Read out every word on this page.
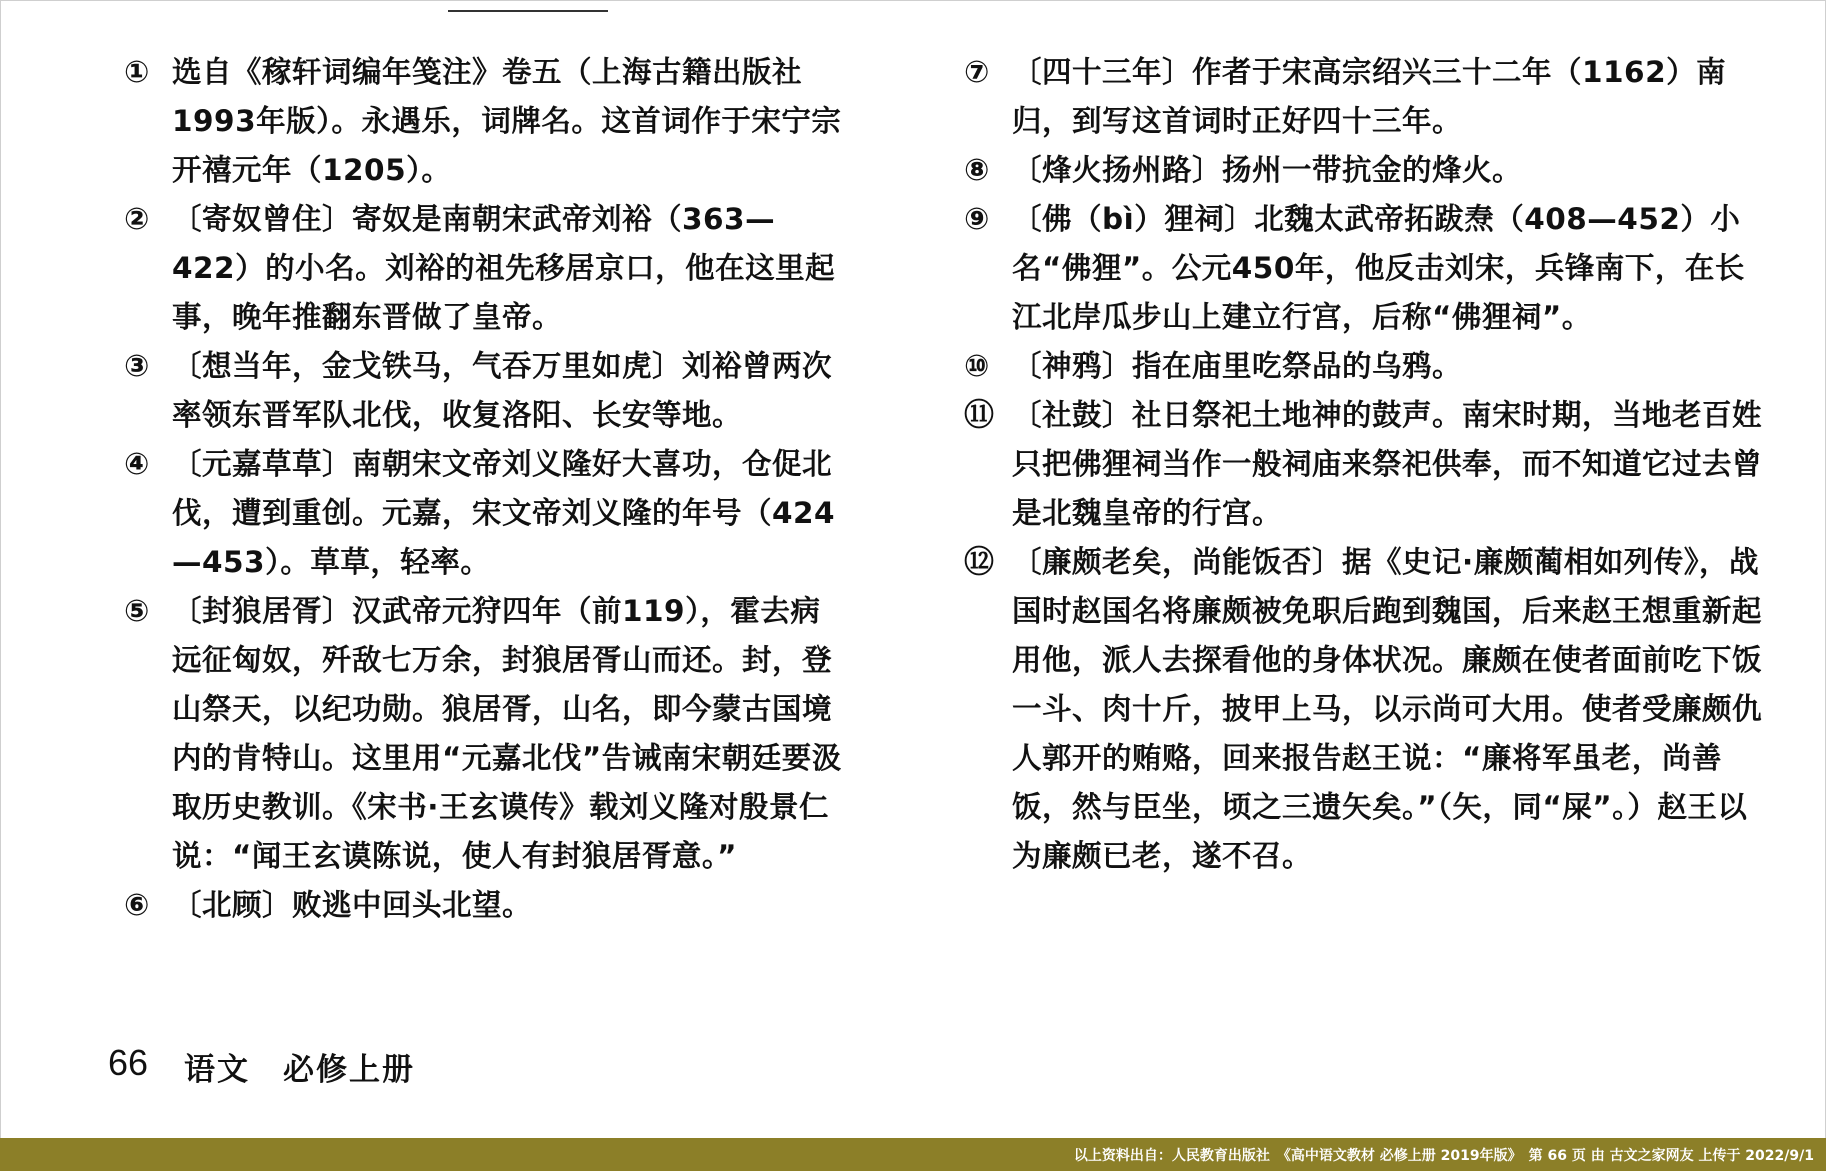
① 选自《稼轩词编年笺注》卷五（上海古籍出版社1993年版）。永遇乐，词牌名。这首词作于宋宁宗开禧元年（1205）。
② 〔寄奴曾住〕寄奴是南朝宋武帝刘裕（363—422）的小名。刘裕的祖先移居京口，他在这里起事，晚年推翻东晋做了皇帝。
③ 〔想当年，金戈铁马，气吞万里如虎〕刘裕曾两次率领东晋军队北伐，收复洛阳、长安等地。
④ 〔元嘉草草〕南朝宋文帝刘义隆好大喜功，仓促北伐，遭到重创。元嘉，宋文帝刘义隆的年号（424—453）。草草，轻率。
⑤ 〔封狼居胥〕汉武帝元狩四年（前119），霍去病远征匈奴，歼敌七万余，封狼居胥山而还。封，登山祭天，以纪功勋。狼居胥，山名，即今蒙古国境内的肯特山。这里用“元嘉北伐”告诫南宋朝廷要汲取历史教训。《宋书·王玄谟传》载刘义隆对殷景仁说：“闻王玄谟陈说，使人有封狼居胥意。”
⑥ 〔北顾〕败逃中回头北望。
⑦ 〔四十三年〕作者于宋高宗绍兴三十二年（1162）南归，到写这首词时正好四十三年。
⑧ 〔烽火扬州路〕扬州一带抗金的烽火。
⑨ 〔佛（bì）狸祠〕北魏太武帝拓跋焘（408—452）小名“佛狸”。公元450年，他反击刘宋，兵锋南下，在长江北岸瓜步山上建立行宫，后称“佛狸祠”。
⑩ 〔神鸦〕指在庙里吃祭品的乌鸦。
⑪ 〔社鼓〕社日祭祀土地神的鼓声。南宋时期，当地老百姓只把佛狸祠当作一般祠庙来祭祀供奉，而不知道它过去曾是北魏皇帝的行宫。
⑫ 〔廉颇老矣，尚能饭否〕据《史记·廉颇蔺相如列传》，战国时赵国名将廉颇被免职后跑到魏国，后来赵王想重新起用他，派人去探看他的身体状况。廉颇在使者面前吃下饭一斗、肉十斤，披甲上马，以示尚可大用。使者受廉颇仇人郭开的贿赂，回来报告赵王说：“廉将军虽老，尚善饭，然与臣坐，顷之三遗矢矣。”（矢，同“屎”。）赵王以为廉颇已老，遂不召。
66 语文　必修上册
以上资料出自：人民教育出版社　《高中语文教材 必修上册 2019年版》　第 66 页 由 古文之家网友 上传于 2022/9/1
